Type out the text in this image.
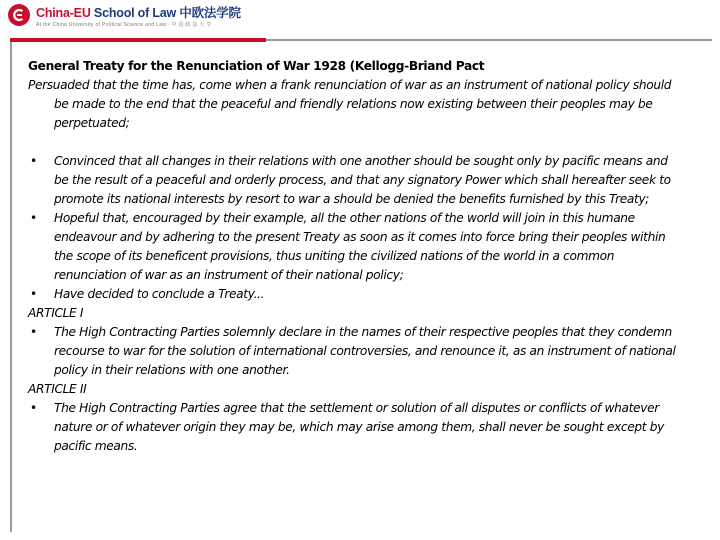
China-EU School of Law 中欧法学院
At the China University of Political Science and Law · 中 国 政 法 大 学
General Treaty for the Renunciation of War 1928 (Kellogg-Briand Pact
Persuaded that the time has, come when a frank renunciation of war as an instrument of national policy should be made to the end that the peaceful and friendly relations now existing between their peoples may be perpetuated;
• Convinced that all changes in their relations with one another should be sought only by pacific means and be the result of a peaceful and orderly process, and that any signatory Power which shall hereafter seek to promote its national interests by resort to war a should be denied the benefits furnished by this Treaty;
• Hopeful that, encouraged by their example, all the other nations of the world will join in this humane endeavour and by adhering to the present Treaty as soon as it comes into force bring their peoples within the scope of its beneficent provisions, thus uniting the civilized nations of the world in a common renunciation of war as an instrument of their national policy;
• Have decided to conclude a Treaty...
ARTICLE I
• The High Contracting Parties solemnly declare in the names of their respective peoples that they condemn recourse to war for the solution of international controversies, and renounce it, as an instrument of national policy in their relations with one another.
ARTICLE II
• The High Contracting Parties agree that the settlement or solution of all disputes or conflicts of whatever nature or of whatever origin they may be, which may arise among them, shall never be sought except by pacific means.
